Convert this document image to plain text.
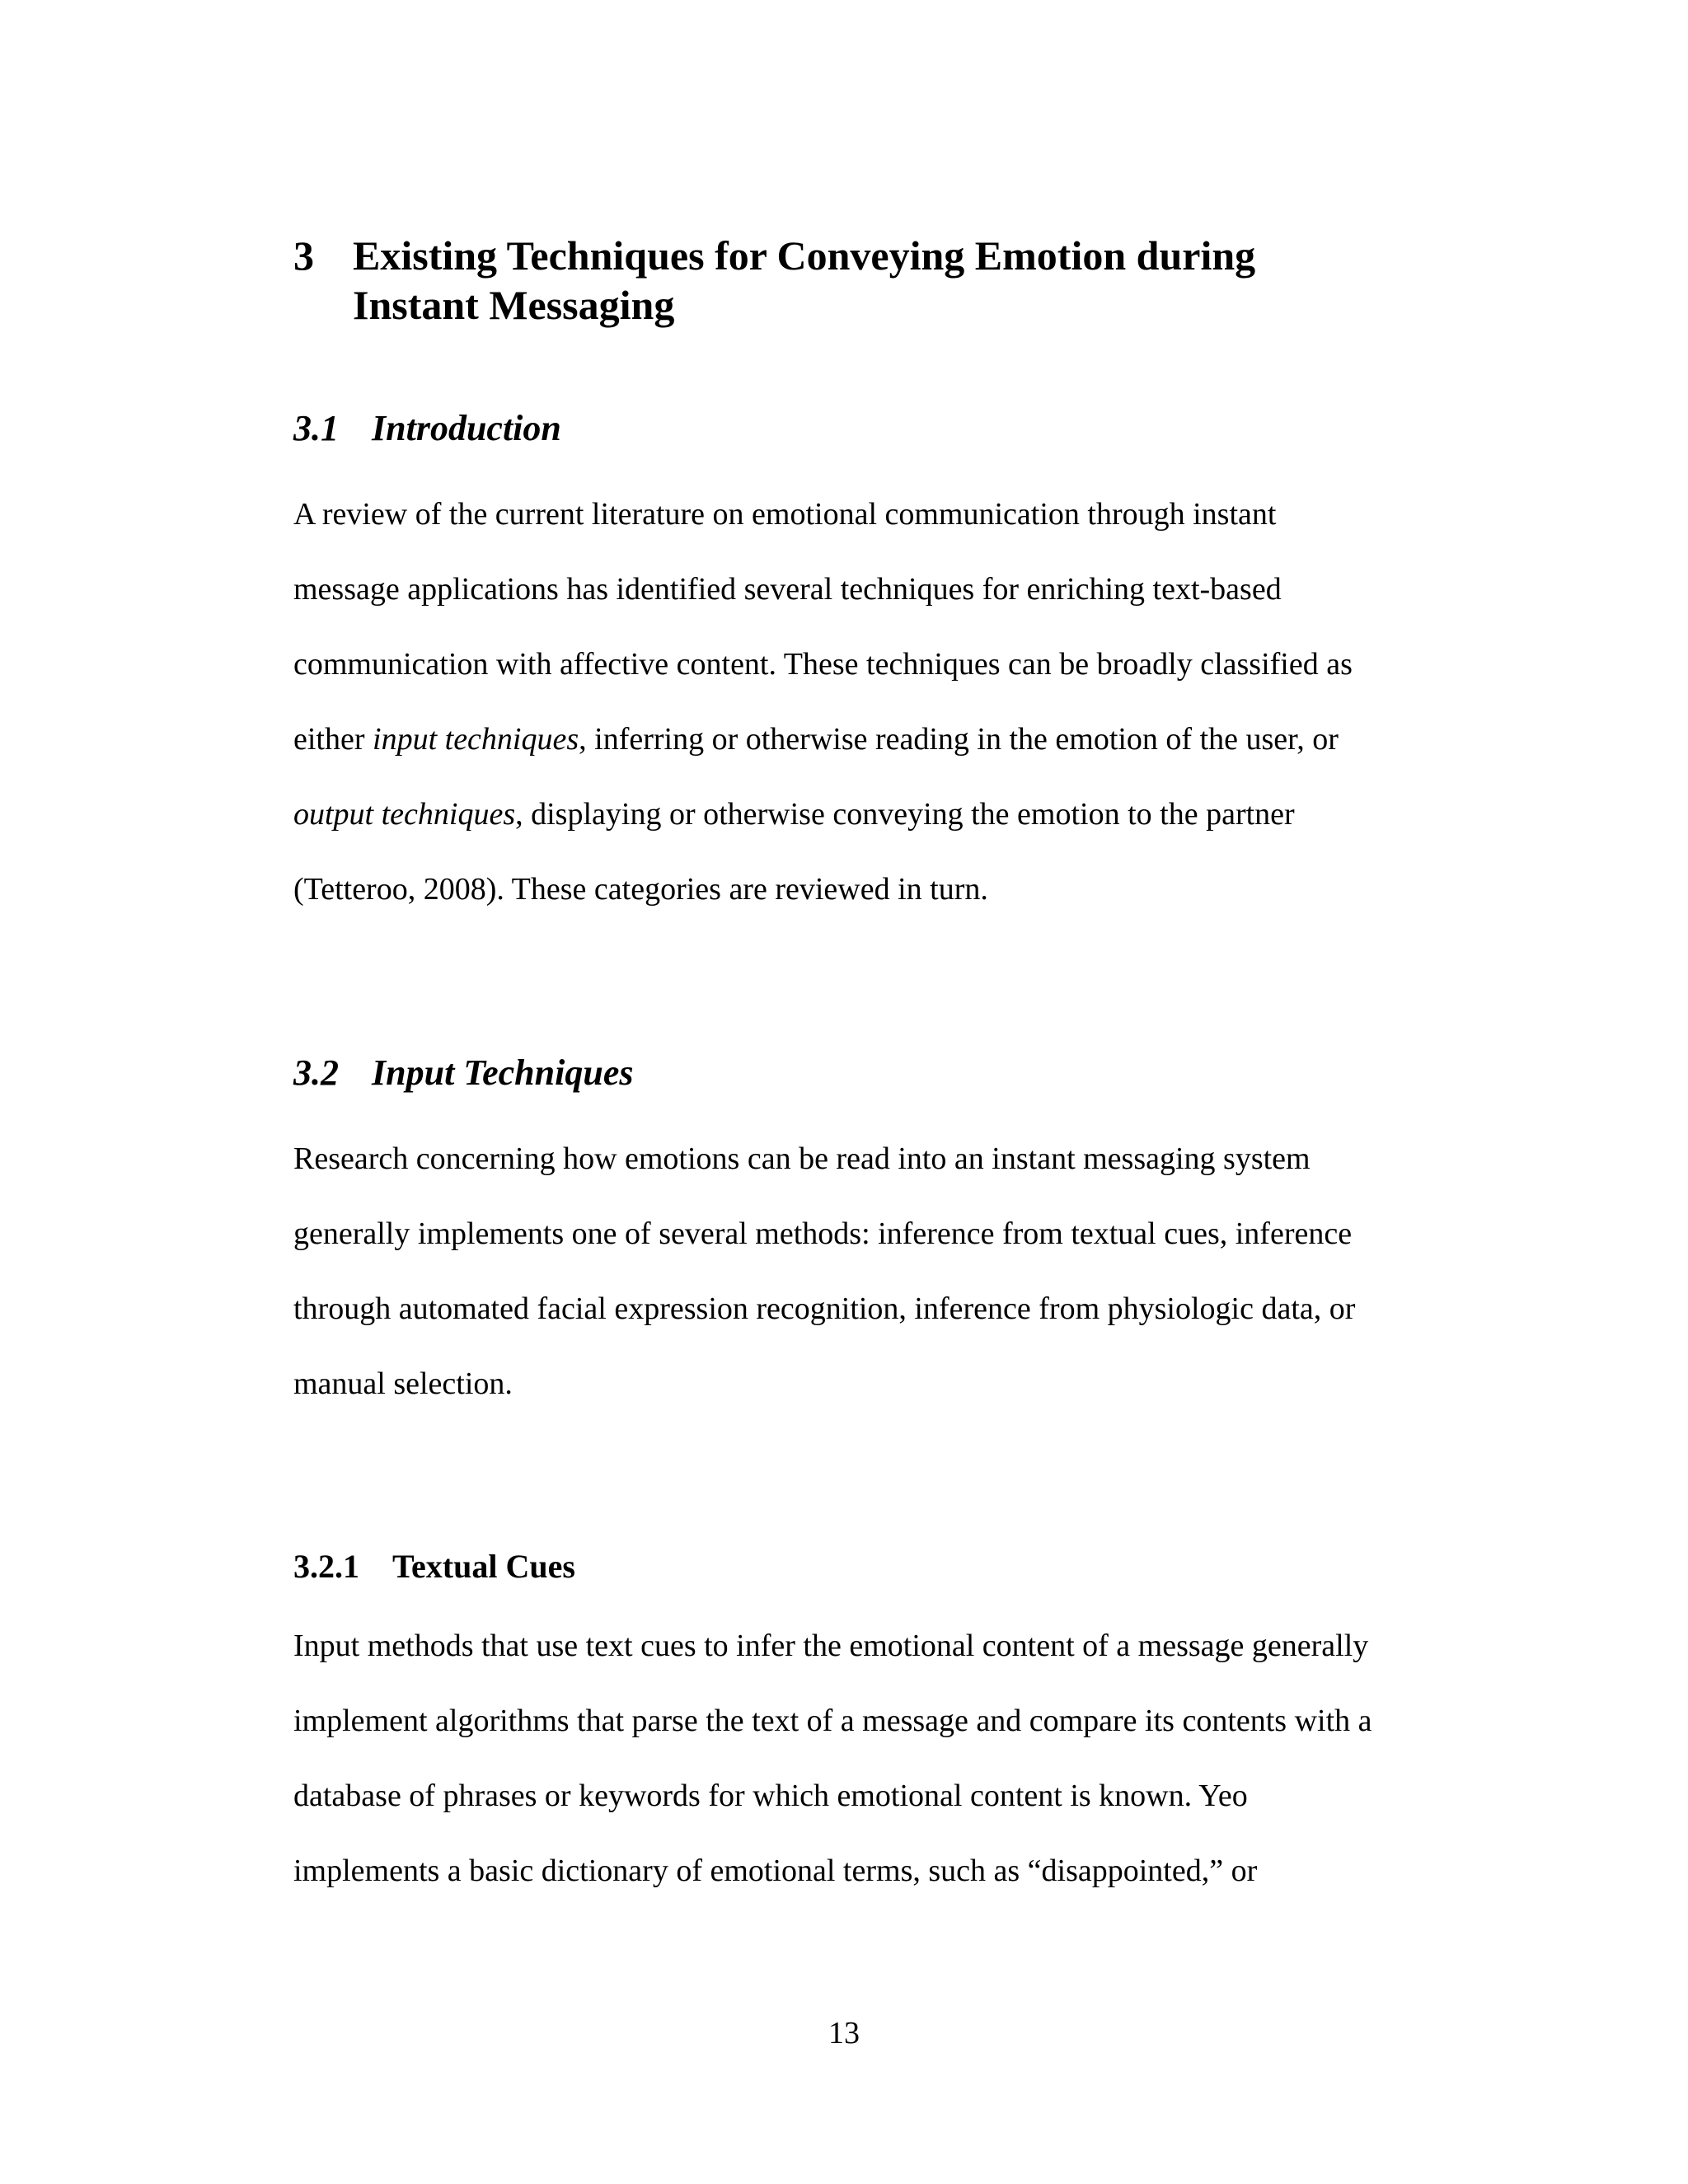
3 Existing Techniques for Conveying Emotion during
Instant Messaging
3.1 Introduction
A review of the current literature on emotional communication through instant
message applications has identified several techniques for enriching text-based
communication with affective content. These techniques can be broadly classified as
either input techniques, inferring or otherwise reading in the emotion of the user, or
output techniques, displaying or otherwise conveying the emotion to the partner
(Tetteroo, 2008). These categories are reviewed in turn.
3.2 Input Techniques
Research concerning how emotions can be read into an instant messaging system
generally implements one of several methods: inference from textual cues, inference
through automated facial expression recognition, inference from physiologic data, or
manual selection.
3.2.1 Textual Cues
Input methods that use text cues to infer the emotional content of a message generally
implement algorithms that parse the text of a message and compare its contents with a
database of phrases or keywords for which emotional content is known. Yeo
implements a basic dictionary of emotional terms, such as “disappointed,” or
13
